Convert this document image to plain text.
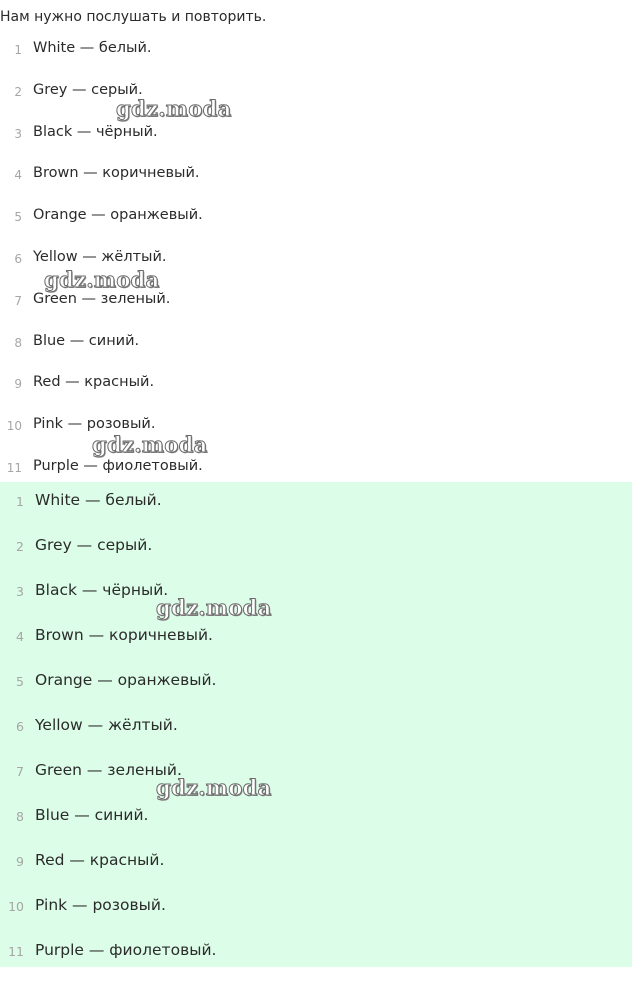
Нам нужно послушать и повторить.
1 White — белый.
2 Grey — серый.
3 Black — чёрный.
4 Brown — коричневый.
5 Orange — оранжевый.
6 Yellow — жёлтый.
7 Green — зеленый.
8 Blue — синий.
9 Red — красный.
10 Pink — розовый.
11 Purple — фиолетовый.
1 White — белый.
2 Grey — серый.
3 Black — чёрный.
4 Brown — коричневый.
5 Orange — оранжевый.
6 Yellow — жёлтый.
7 Green — зеленый.
8 Blue — синий.
9 Red — красный.
10 Pink — розовый.
11 Purple — фиолетовый.
gdz.moda
gdz.moda
gdz.moda
gdz.moda
gdz.moda
